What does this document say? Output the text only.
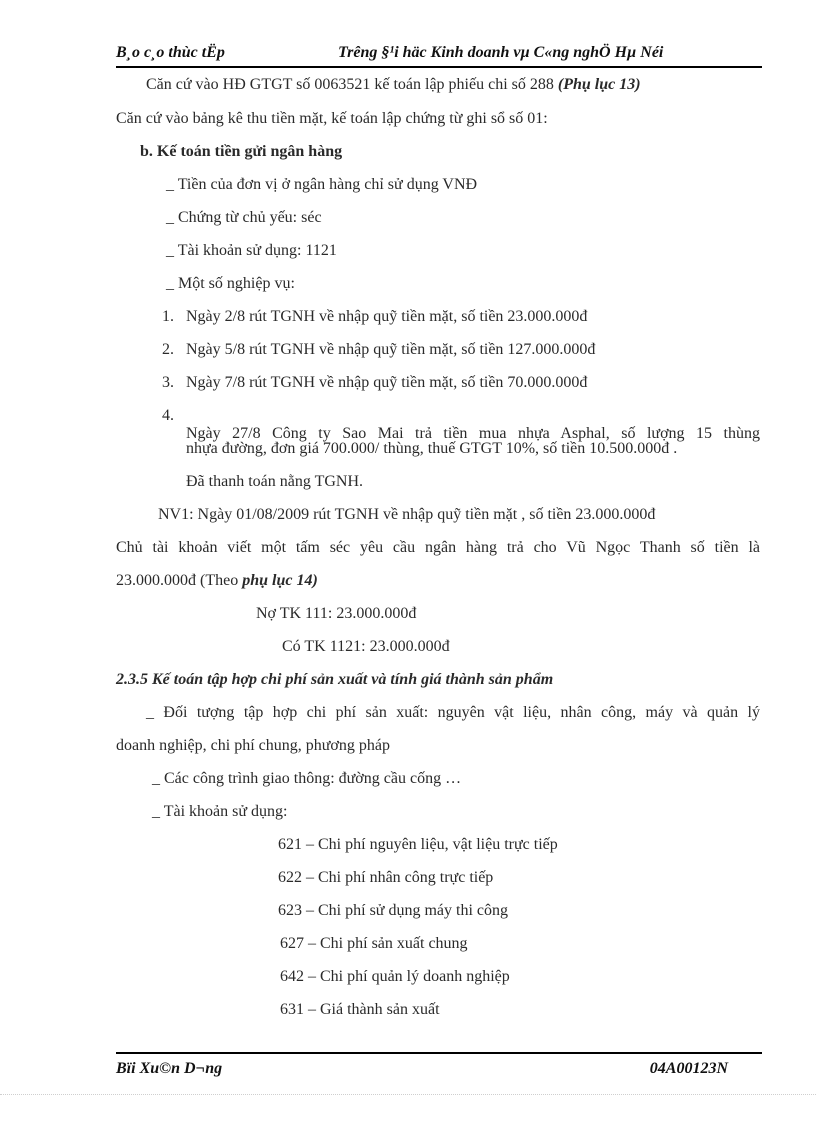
B¸o c¸o thùc tËp	Trêng §¹i häc Kinh doanh vµ C«ng nghÖ Hµ Néi
Căn cứ vào HĐ GTGT số 0063521 kế toán lập phiếu chi số 288 (Phụ lục 13)
Căn cứ vào bảng kê thu tiền mặt, kế toán lập chứng từ ghi sổ số 01:
b. Kế toán tiền gửi ngân hàng
_ Tiền của đơn vị ở ngân hàng chỉ sử dụng VNĐ
_ Chứng từ chủ yếu: séc
_ Tài khoản sử dụng: 1121
_ Một số nghiệp vụ:
1. Ngày 2/8 rút TGNH về nhập quỹ tiền mặt, số tiền 23.000.000đ
2. Ngày 5/8 rút TGNH về nhập quỹ tiền mặt, số tiền 127.000.000đ
3. Ngày 7/8 rút TGNH về nhập quỹ tiền mặt, số tiền 70.000.000đ
4.
Ngày 27/8 Công ty Sao Mai trả tiền mua nhựa Asphal, số lượng 15 thùng
nhựa đường, đơn giá 700.000/ thùng, thuế GTGT 10%, số tiền 10.500.000đ .
Đã thanh toán nằng TGNH.
NV1: Ngày 01/08/2009 rút TGNH về nhập quỹ tiền mặt , số tiền 23.000.000đ
Chủ tài khoản viết một tấm séc yêu cầu ngân hàng trả cho Vũ Ngọc Thanh số tiền là
23.000.000đ (Theo phụ lục 14)
Nợ TK 111: 23.000.000đ
Có TK 1121: 23.000.000đ
2.3.5 Kế toán tập hợp chi phí sản xuất và tính giá thành sản phẩm
_ Đối tượng tập hợp chi phí sản xuất: nguyên vật liệu, nhân công, máy và quản lý
doanh nghiệp, chi phí chung, phương pháp
_ Các công trình giao thông: đường cầu cống …
_ Tài khoản sử dụng:
621 – Chi phí nguyên liệu, vật liệu trực tiếp
622 – Chi phí nhân công trực tiếp
623 – Chi phí sử dụng máy thi công
627 – Chi phí sản xuất chung
642 – Chi phí quản lý doanh nghiệp
631 – Giá thành sản xuất
Bïi Xu©n D¬ng	04A00123N
